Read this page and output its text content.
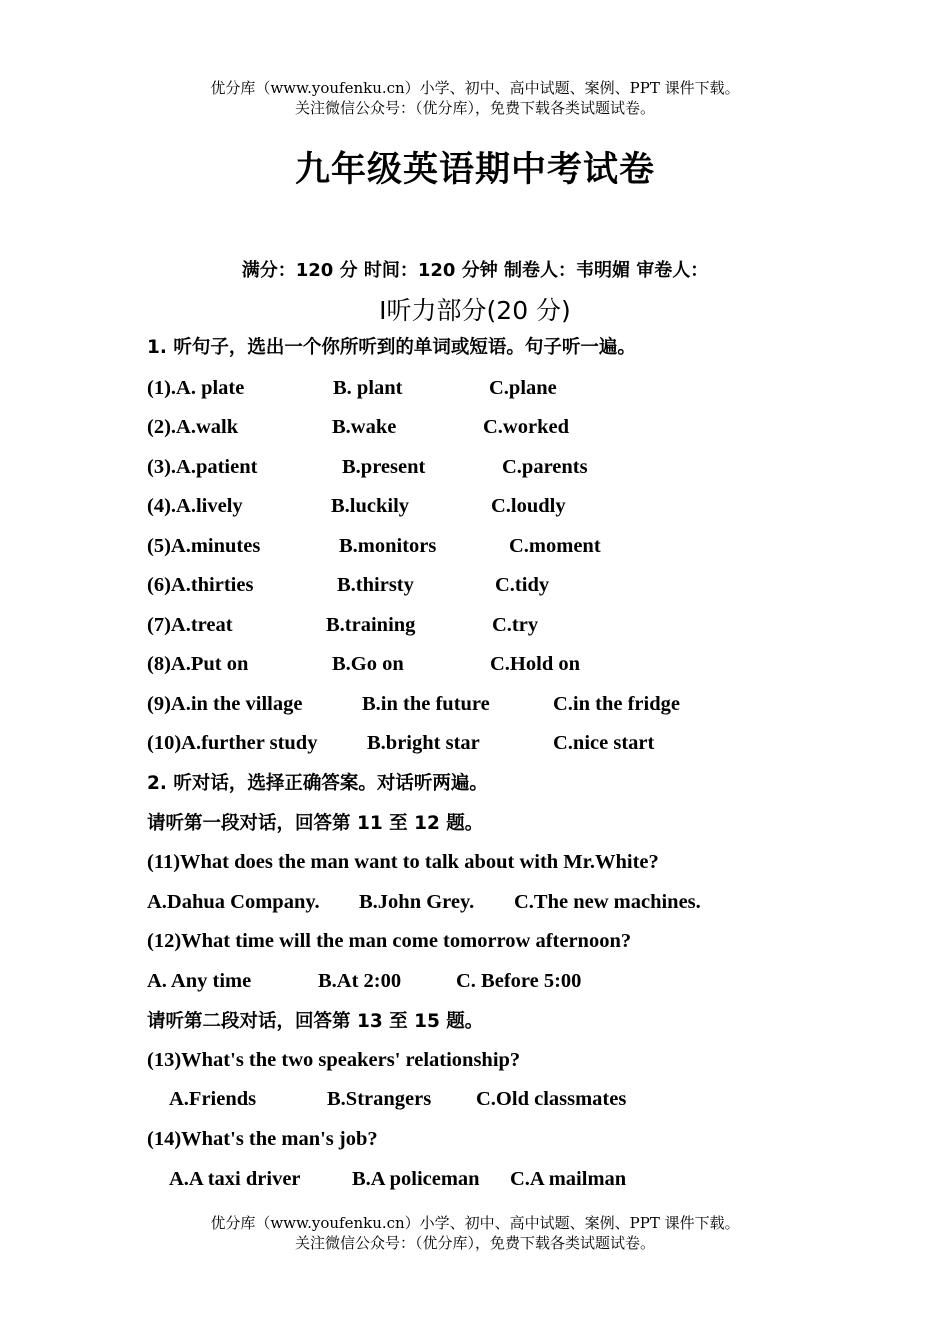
优分库（www.youfenku.cn）小学、初中、高中试题、案例、PPT 课件下载。
关注微信公众号：（优分库），免费下载各类试题试卷。
九年级英语期中考试卷
满分：120 分 时间：120 分钟 制卷人：韦明媚 审卷人：
Ⅰ听力部分(20 分)
1. 听句子，选出一个你所听到的单词或短语。句子听一遍。
(1).A. plate	B. plant	C.plane
(2).A.walk	B.wake	C.worked
(3).A.patient	B.present	C.parents
(4).A.lively	B.luckily	C.loudly
(5)A.minutes	B.monitors	C.moment
(6)A.thirties	B.thirsty	C.tidy
(7)A.treat	B.training	C.try
(8)A.Put on	B.Go on	C.Hold on
(9)A.in the village	B.in the future	C.in the fridge
(10)A.further study B.bright star	C.nice start
2. 听对话，选择正确答案。对话听两遍。
请听第一段对话，回答第 11 至 12 题。
(11)What does the man want to talk about with Mr.White?
A.Dahua Company. B.John Grey. C.The new machines.
(12)What time will the man come tomorrow afternoon?
A. Any time	B.At 2:00	C. Before 5:00
请听第二段对话，回答第 13 至 15 题。
(13)What's the two speakers' relationship?
A.Friends	B.Strangers C.Old classmates
(14)What's the man's job?
A.A taxi driver	B.A policeman C.A mailman
优分库（www.youfenku.cn）小学、初中、高中试题、案例、PPT 课件下载。
关注微信公众号：（优分库），免费下载各类试题试卷。
